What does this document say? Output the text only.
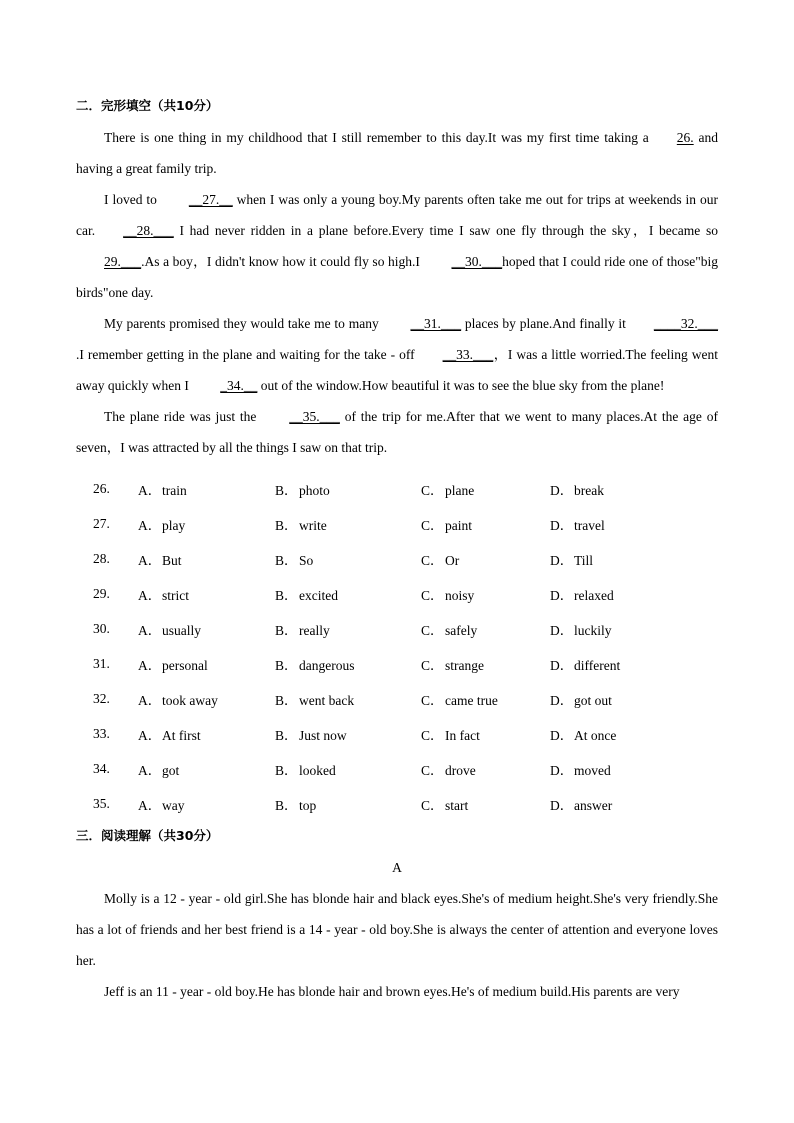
二．完形填空（共10分）

There is one thing in my childhood that I still remember to this day.It was my first time taking a 26. and having a great family trip.

I loved to __27.__ when I was only a young boy.My parents often take me out for trips at weekends in our car. __28.___ I had never ridden in a plane before.Every time I saw one fly through the sky，I became so 29.___.As a boy，I didn't know how it could fly so high.I __30.___hoped that I could ride one of those"big birds"one day.

My parents promised they would take me to many __31.___ places by plane.And finally it ____32.___.I remember getting in the plane and waiting for the take - off __33.___，I was a little worried.The feeling went away quickly when I _34.__ out of the window.How beautiful it was to see the blue sky from the plane!

The plane ride was just the __35.___ of the trip for me.After that we went to many places.At the age of seven，I was attracted by all the things I saw on that trip.

26. A．train	B．photo	C．plane	D．break
27. A．play	B．write	C．paint	D．travel
28. A．But	B．So	C．Or	D．Till
29. A．strict	B．excited	C．noisy	D．relaxed
30. A．usually	B．really	C．safely	D．luckily
31. A．personal	B．dangerous	C．strange	D．different
32. A．took away	B．went back	C．came true	D．got out
33. A．At first	B．Just now	C．In fact	D．At once
34. A．got	B．looked	C．drove	D．moved
35. A．way	B．top	C．start	D．answer
三．阅读理解（共30分）
A

Molly is a 12 - year - old girl.She has blonde hair and black eyes.She's of medium height.She's very friendly.She has a lot of friends and her best friend is a 14 - year - old boy.She is always the center of attention and everyone loves her.

Jeff is an 11 - year - old boy.He has blonde hair and brown eyes.He's of medium build.His parents are very
